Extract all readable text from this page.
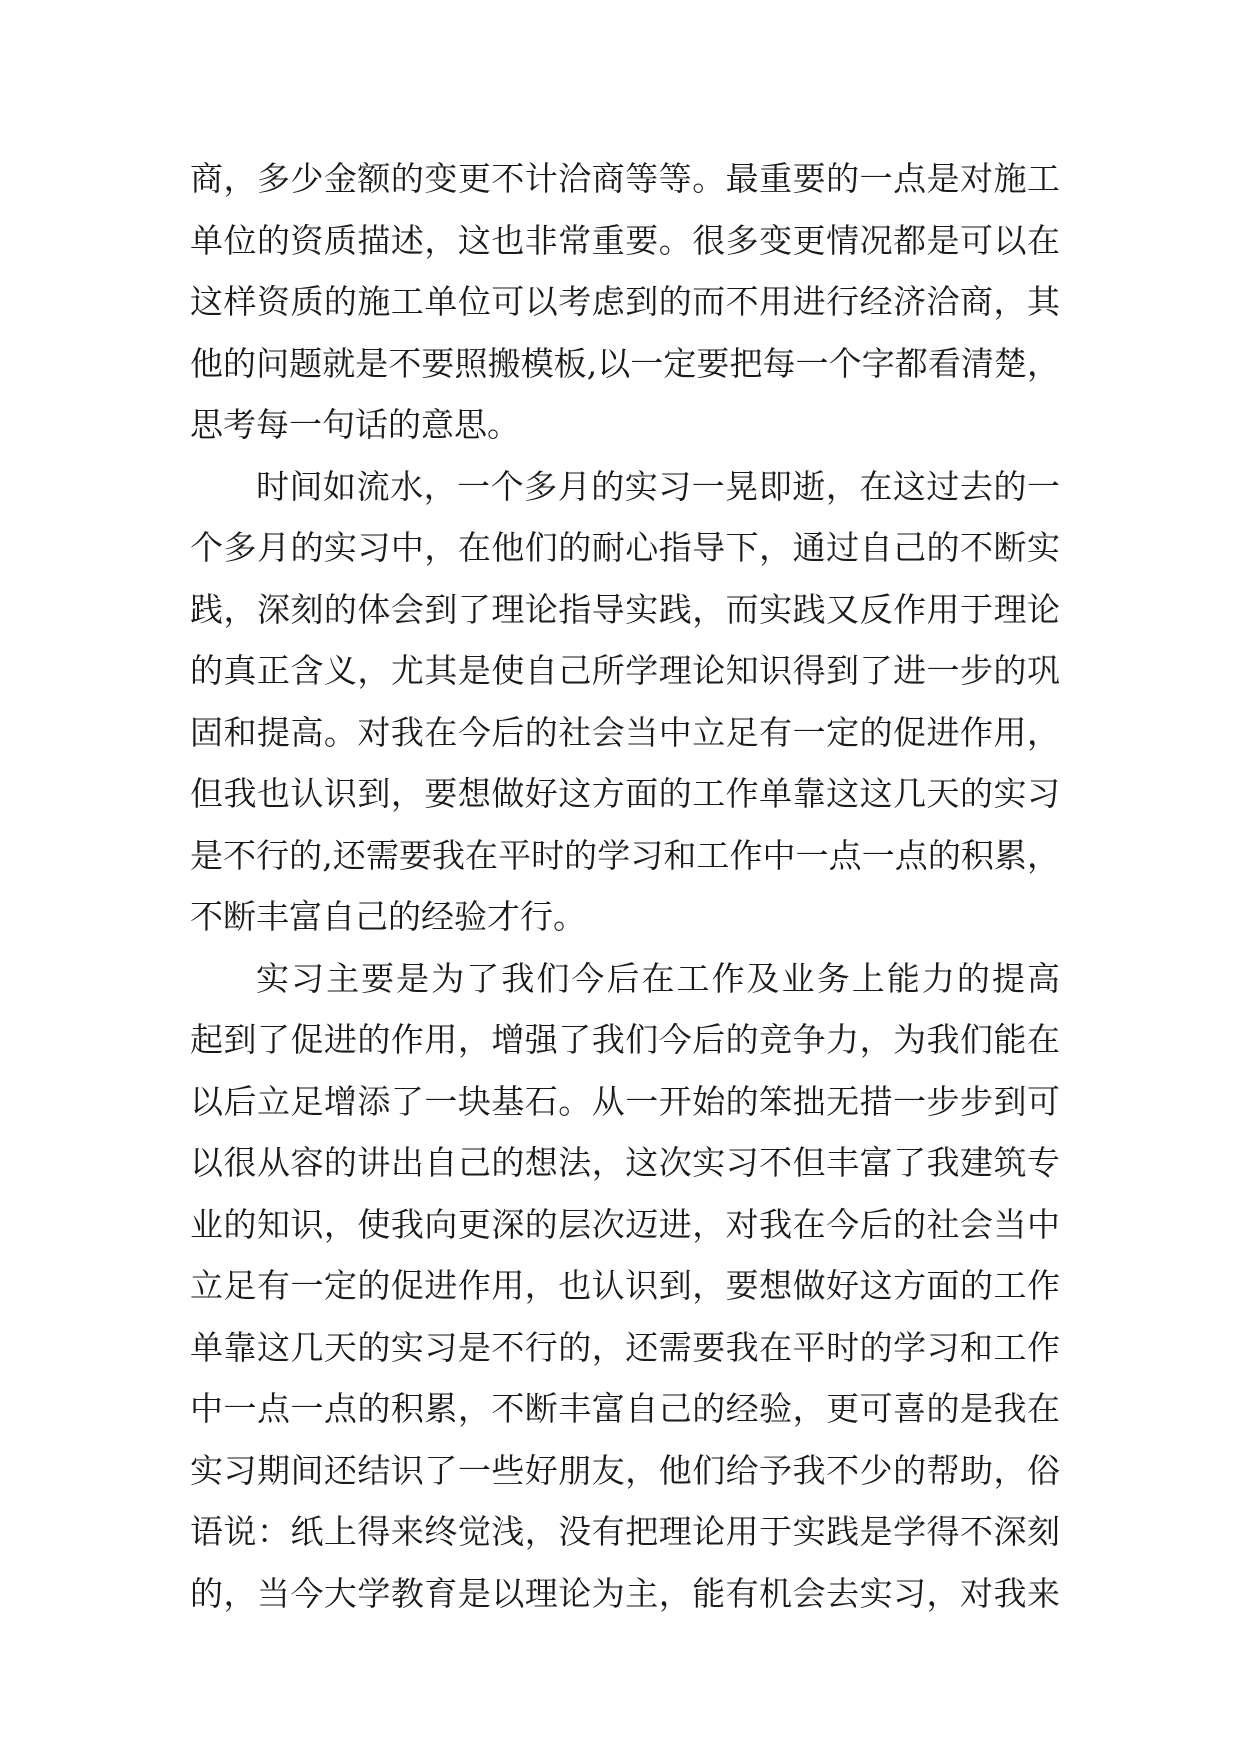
商，多少金额的变更不计洽商等等。最重要的一点是对施工
单位的资质描述，这也非常重要。很多变更情况都是可以在
这样资质的施工单位可以考虑到的而不用进行经济洽商，其
他的问题就是不要照搬模板,以一定要把每一个字都看清楚，
思考每一句话的意思。
时间如流水，一个多月的实习一晃即逝，在这过去的一
个多月的实习中，在他们的耐心指导下，通过自己的不断实
践，深刻的体会到了理论指导实践，而实践又反作用于理论
的真正含义，尤其是使自己所学理论知识得到了进一步的巩
固和提高。对我在今后的社会当中立足有一定的促进作用，
但我也认识到，要想做好这方面的工作单靠这这几天的实习
是不行的,还需要我在平时的学习和工作中一点一点的积累，
不断丰富自己的经验才行。
实习主要是为了我们今后在工作及业务上能力的提高
起到了促进的作用，增强了我们今后的竞争力，为我们能在
以后立足增添了一块基石。从一开始的笨拙无措一步步到可
以很从容的讲出自己的想法，这次实习不但丰富了我建筑专
业的知识，使我向更深的层次迈进，对我在今后的社会当中
立足有一定的促进作用，也认识到，要想做好这方面的工作
单靠这几天的实习是不行的，还需要我在平时的学习和工作
中一点一点的积累，不断丰富自己的经验，更可喜的是我在
实习期间还结识了一些好朋友，他们给予我不少的帮助，俗
语说：纸上得来终觉浅，没有把理论用于实践是学得不深刻
的，当今大学教育是以理论为主，能有机会去实习，对我来
